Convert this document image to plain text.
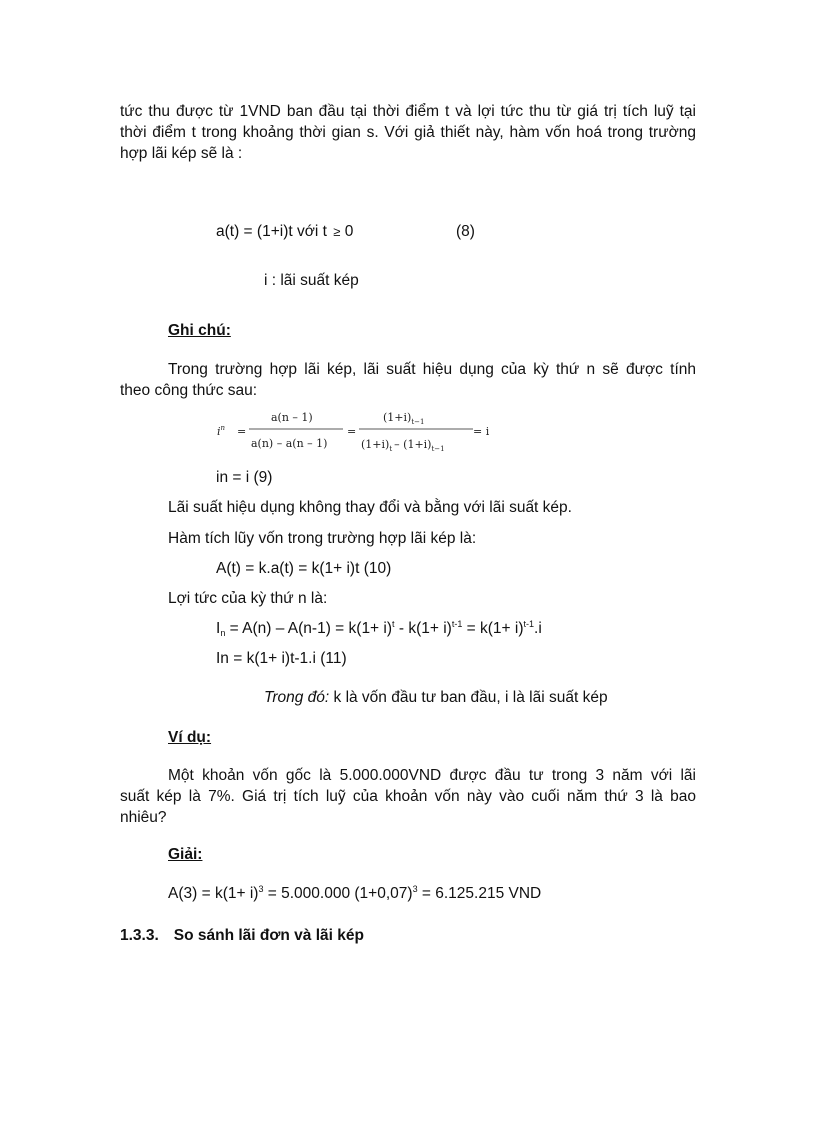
tức thu được từ 1VND ban đầu tại thời điểm t và lợi tức thu từ giá trị tích luỹ tại
thời điểm t trong khoảng thời gian s. Với giả thiết này, hàm vốn hoá trong trường
hợp lãi kép sẽ là :
a(t) = (1+i)t với t ≥ 0	(8)
i : lãi suất kép
Ghi chú:
Trong trường hợp lãi kép, lãi suất hiệu dụng của kỳ thứ n sẽ được tính
theo công thức sau:
$i^n$ =
a(n – 1)
a(n) – a(n – 1)
=
$(1+i)_{t-1}$
$(1+i)_t - (1+i)_{t-1}$
= i
in = i (9)
Lãi suất hiệu dụng không thay đổi và bằng với lãi suất kép.
Hàm tích lũy vốn trong trường hợp lãi kép là:
A(t) = k.a(t) = k(1+ i)t (10)
Lợi tức của kỳ thứ n là:
$I_n = A(n) - A(n-1) = k(1+ i)^t - k(1+ i)^{t-1} = k(1+ i)^{t-1}.i$
In = k(1+ i)t-1.i (11)
Trong đó: k là vốn đầu tư ban đầu, i là lãi suất kép
Ví dụ:
Một khoản vốn gốc là 5.000.000VND được đầu tư trong 3 năm với lãi
suất kép là 7%. Giá trị tích luỹ của khoản vốn này vào cuối năm thứ 3 là bao
nhiêu?
Giải:
$A(3) = k(1+ i)^3 = 5.000.000$ $(1+0,07)^3 = 6.125.215$ VND
1.3.3. So sánh lãi đơn và lãi kép
